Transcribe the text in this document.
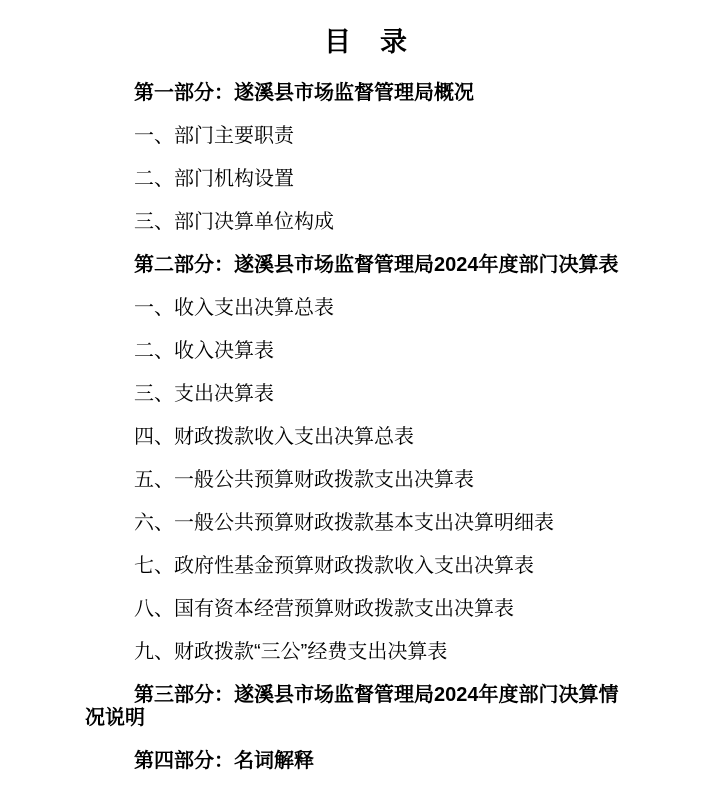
目　录

第一部分：遂溪县市场监督管理局概况

一、部门主要职责

二、部门机构设置

三、部门决算单位构成

第二部分：遂溪县市场监督管理局2024年度部门决算表

一、收入支出决算总表

二、收入决算表

三、支出决算表

四、财政拨款收入支出决算总表

五、一般公共预算财政拨款支出决算表

六、一般公共预算财政拨款基本支出决算明细表

七、政府性基金预算财政拨款收入支出决算表

八、国有资本经营预算财政拨款支出决算表

九、财政拨款“三公”经费支出决算表

第三部分：遂溪县市场监督管理局2024年度部门决算情
况说明

第四部分：名词解释
